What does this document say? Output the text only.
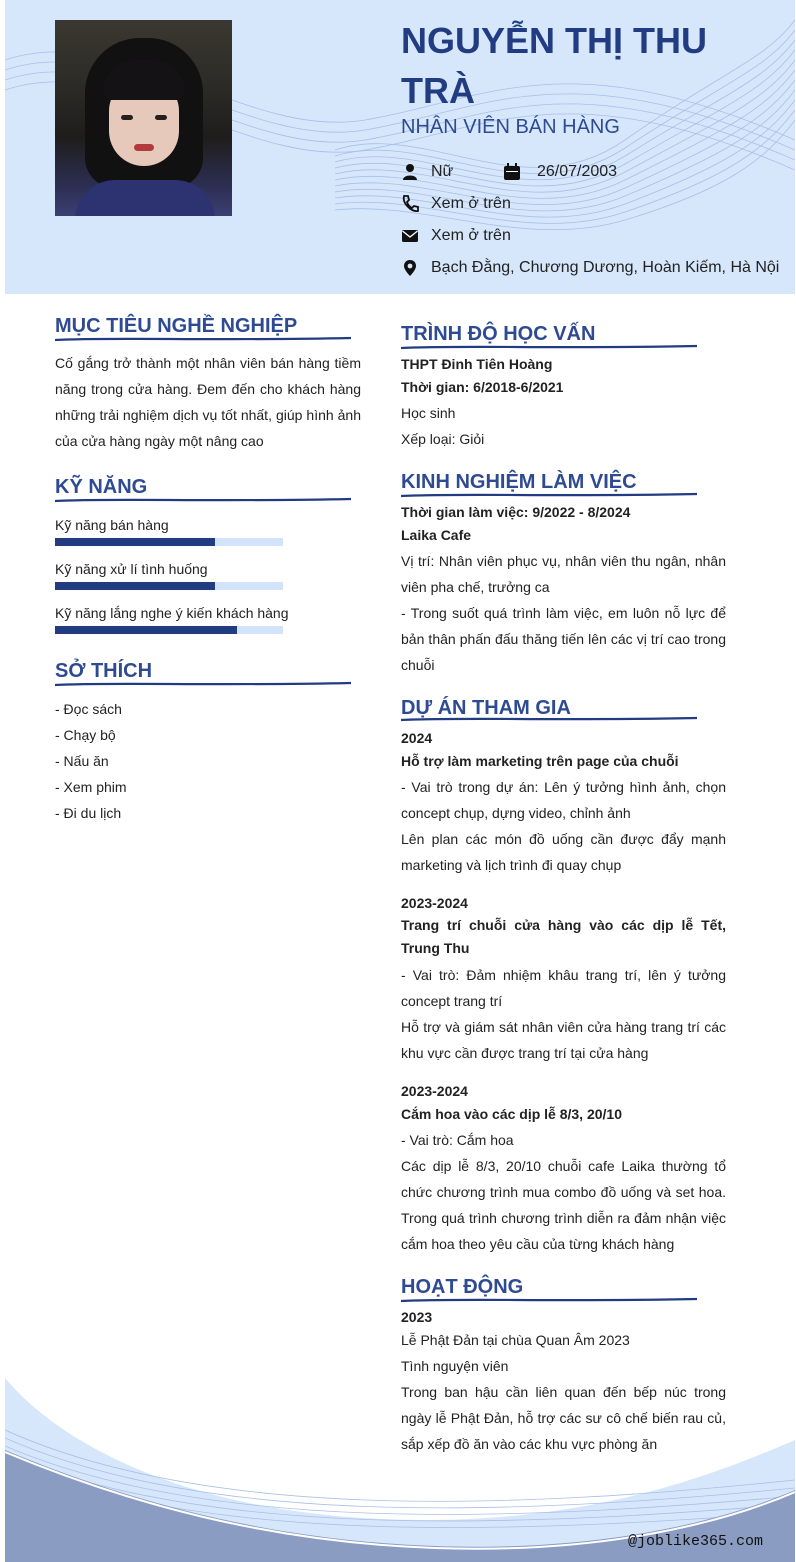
NGUYỄN THỊ THU TRÀ
NHÂN VIÊN BÁN HÀNG
Nữ	26/07/2003
Xem ở trên
Xem ở trên
Bạch Đằng, Chương Dương, Hoàn Kiếm, Hà Nội
MỤC TIÊU NGHỀ NGHIỆP
Cố gắng trở thành một nhân viên bán hàng tiềm năng trong cửa hàng. Đem đến cho khách hàng những trải nghiệm dịch vụ tốt nhất, giúp hình ảnh của cửa hàng ngày một nâng cao
KỸ NĂNG
Kỹ năng bán hàng
Kỹ năng xử lí tình huống
Kỹ năng lắng nghe ý kiến khách hàng
SỞ THÍCH
- Đọc sách
- Chạy bộ
- Nấu ăn
- Xem phim
- Đi du lịch
TRÌNH ĐỘ HỌC VẤN
THPT Đinh Tiên Hoàng
Thời gian: 6/2018-6/2021
Học sinh
Xếp loại: Giỏi
KINH NGHIỆM LÀM VIỆC
Thời gian làm việc: 9/2022 - 8/2024
Laika Cafe
Vị trí: Nhân viên phục vụ, nhân viên thu ngân, nhân viên pha chế, trưởng ca
- Trong suốt quá trình làm việc, em luôn nỗ lực để bản thân phấn đấu thăng tiến lên các vị trí cao trong chuỗi
DỰ ÁN THAM GIA
2024
Hỗ trợ làm marketing trên page của chuỗi
- Vai trò trong dự án: Lên ý tưởng hình ảnh, chọn concept chụp, dựng video, chỉnh ảnh
Lên plan các món đồ uống cần được đẩy mạnh marketing và lịch trình đi quay chụp
2023-2024
Trang trí chuỗi cửa hàng vào các dịp lễ Tết, Trung Thu
- Vai trò: Đảm nhiệm khâu trang trí, lên ý tưởng concept trang trí
Hỗ trợ và giám sát nhân viên cửa hàng trang trí các khu vực cần được trang trí tại cửa hàng
2023-2024
Cắm hoa vào các dịp lễ 8/3, 20/10
- Vai trò: Cắm hoa
Các dịp lễ 8/3, 20/10 chuỗi cafe Laika thường tổ chức chương trình mua combo đồ uống và set hoa. Trong quá trình chương trình diễn ra đảm nhận việc cắm hoa theo yêu cầu của từng khách hàng
HOẠT ĐỘNG
2023
Lễ Phật Đản tại chùa Quan Âm 2023
Tình nguyện viên
Trong ban hậu cần liên quan đến bếp núc trong ngày lễ Phật Đản, hỗ trợ các sư cô chế biến rau củ, sắp xếp đồ ăn vào các khu vực phòng ăn
@joblike365.com
